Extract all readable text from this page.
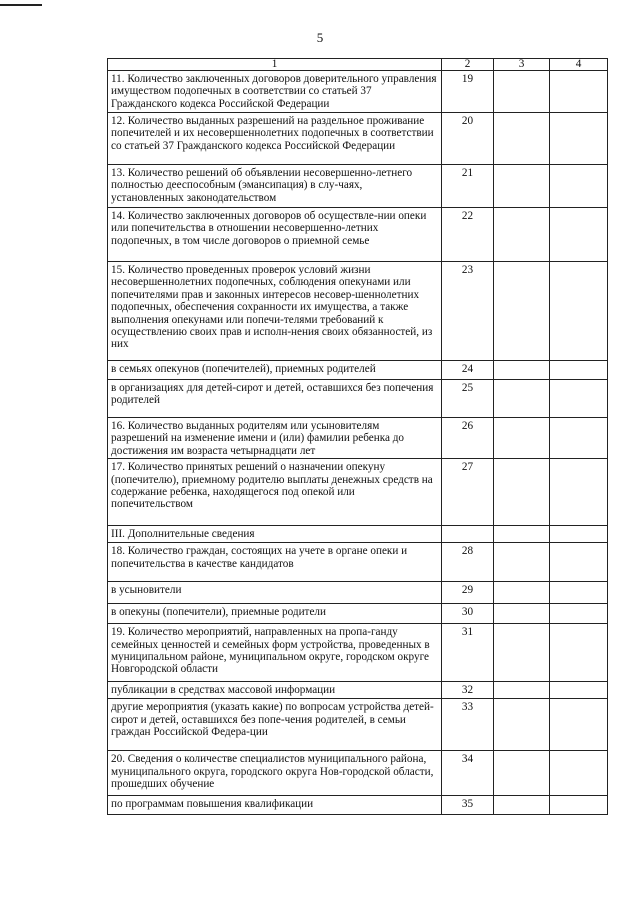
5
1	2	3	4
11. Количество заключенных договоров доверительного управления имуществом подопечных в соответствии со статьей 37 Гражданского кодекса Российской Федерации	19		
12. Количество выданных разрешений на раздельное проживание попечителей и их несовершеннолетних подопечных в соответствии со статьей 37 Гражданского кодекса Российской Федерации	20		
13. Количество решений об объявлении несовершенно-летнего полностью дееспособным (эмансипация) в слу-чаях, установленных законодательством	21		
14. Количество заключенных договоров об осуществле-нии опеки или попечительства в отношении несовершенно-летних подопечных, в том числе договоров о приемной семье	22		
15. Количество проведенных проверок условий жизни несовершеннолетних подопечных, соблюдения опекунами или попечителями прав и законных интересов несовер-шеннолетних подопечных, обеспечения сохранности их имущества, а также выполнения опекунами или попечи-телями требований к осуществлению своих прав и исполн-нения своих обязанностей, из них	23		
в семьях опекунов (попечителей), приемных родителей	24		
в организациях для детей-сирот и детей, оставшихся без попечения родителей	25		
16. Количество выданных родителям или усыновителям разрешений на изменение имени и (или) фамилии ребенка до достижения им возраста четырнадцати лет	26		
17. Количество принятых решений о назначении опекуну (попечителю), приемному родителю выплаты денежных средств на содержание ребенка, находящегося под опекой или попечительством	27		
III. Дополнительные сведения			
18. Количество граждан, состоящих на учете в органе опеки и попечительства в качестве кандидатов	28		
в усыновители	29		
в опекуны (попечители), приемные родители	30		
19. Количество мероприятий, направленных на пропа-ганду семейных ценностей и семейных форм устройства, проведенных в муниципальном районе, муниципальном округе, городском округе Новгородской области	31		
публикации в средствах массовой информации	32		
другие мероприятия (указать какие) по вопросам устройства детей-сирот и детей, оставшихся без попе-чения родителей, в семьи граждан Российской Федера-ции	33		
20. Сведения о количестве специалистов муниципального района, муниципального округа, городского округа Нов-городской области, прошедших обучение	34		
по программам повышения квалификации	35		
